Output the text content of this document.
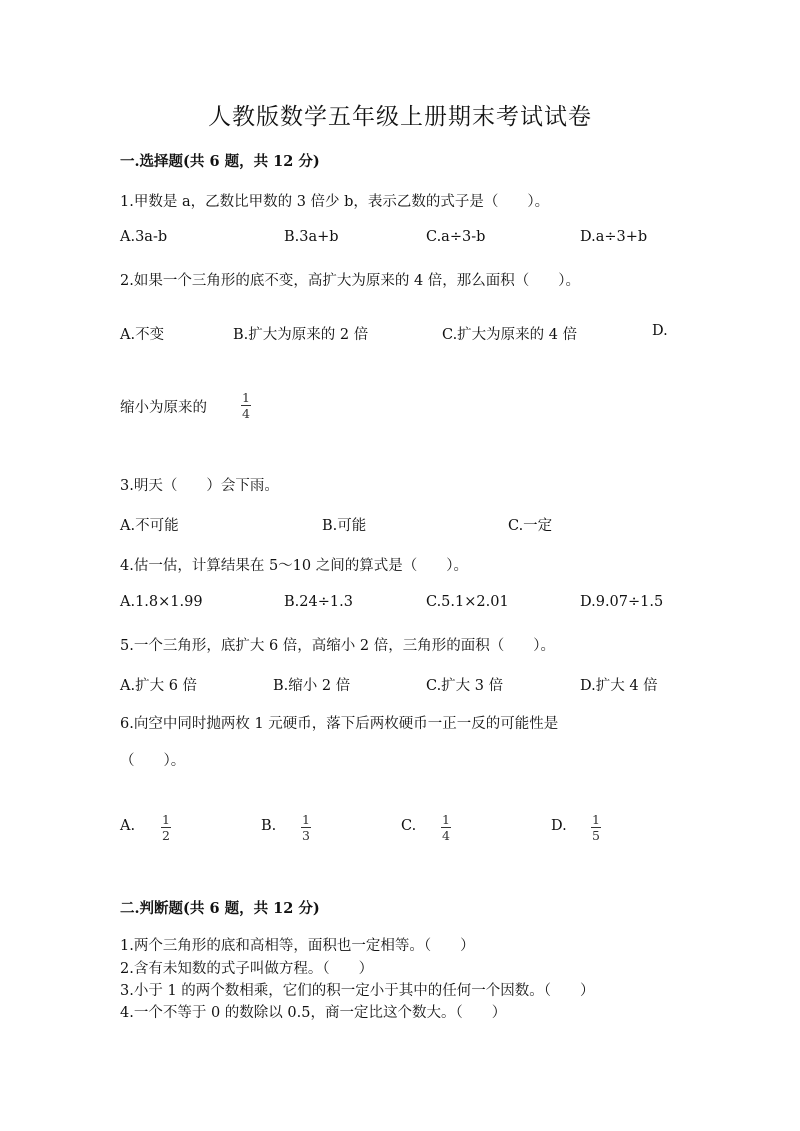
人教版数学五年级上册期末考试试卷
一.选择题(共 6 题，共 12 分)
1.甲数是 a，乙数比甲数的 3 倍少 b，表示乙数的式子是（　　）。
A.3a-b	B.3a+b	C.a÷3-b	D.a÷3+b
2.如果一个三角形的底不变，高扩大为原来的 4 倍，那么面积（　　）。
A.不变	B.扩大为原来的 2 倍	C.扩大为原来的 4 倍	D.
缩小为原来的
1
4
3.明天（　　）会下雨。
A.不可能	B.可能	C.一定
4.估一估，计算结果在 5～10 之间的算式是（　　）。
A.1.8×1.99	B.24÷1.3	C.5.1×2.01	D.9.07÷1.5
5.一个三角形，底扩大 6 倍，高缩小 2 倍，三角形的面积（　　）。
A.扩大 6 倍	B.缩小 2 倍	C.扩大 3 倍	D.扩大 4 倍
6.向空中同时抛两枚 1 元硬币，落下后两枚硬币一正一反的可能性是
（　　）。
A. 1
2
B. 1
3
C. 1
4
D. 1
5
二.判断题(共 6 题，共 12 分)
1.两个三角形的底和高相等，面积也一定相等。（　　）
2.含有未知数的式子叫做方程。（　　）
3.小于 1 的两个数相乘，它们的积一定小于其中的任何一个因数。（　　）
4.一个不等于 0 的数除以 0.5，商一定比这个数大。（　　）
